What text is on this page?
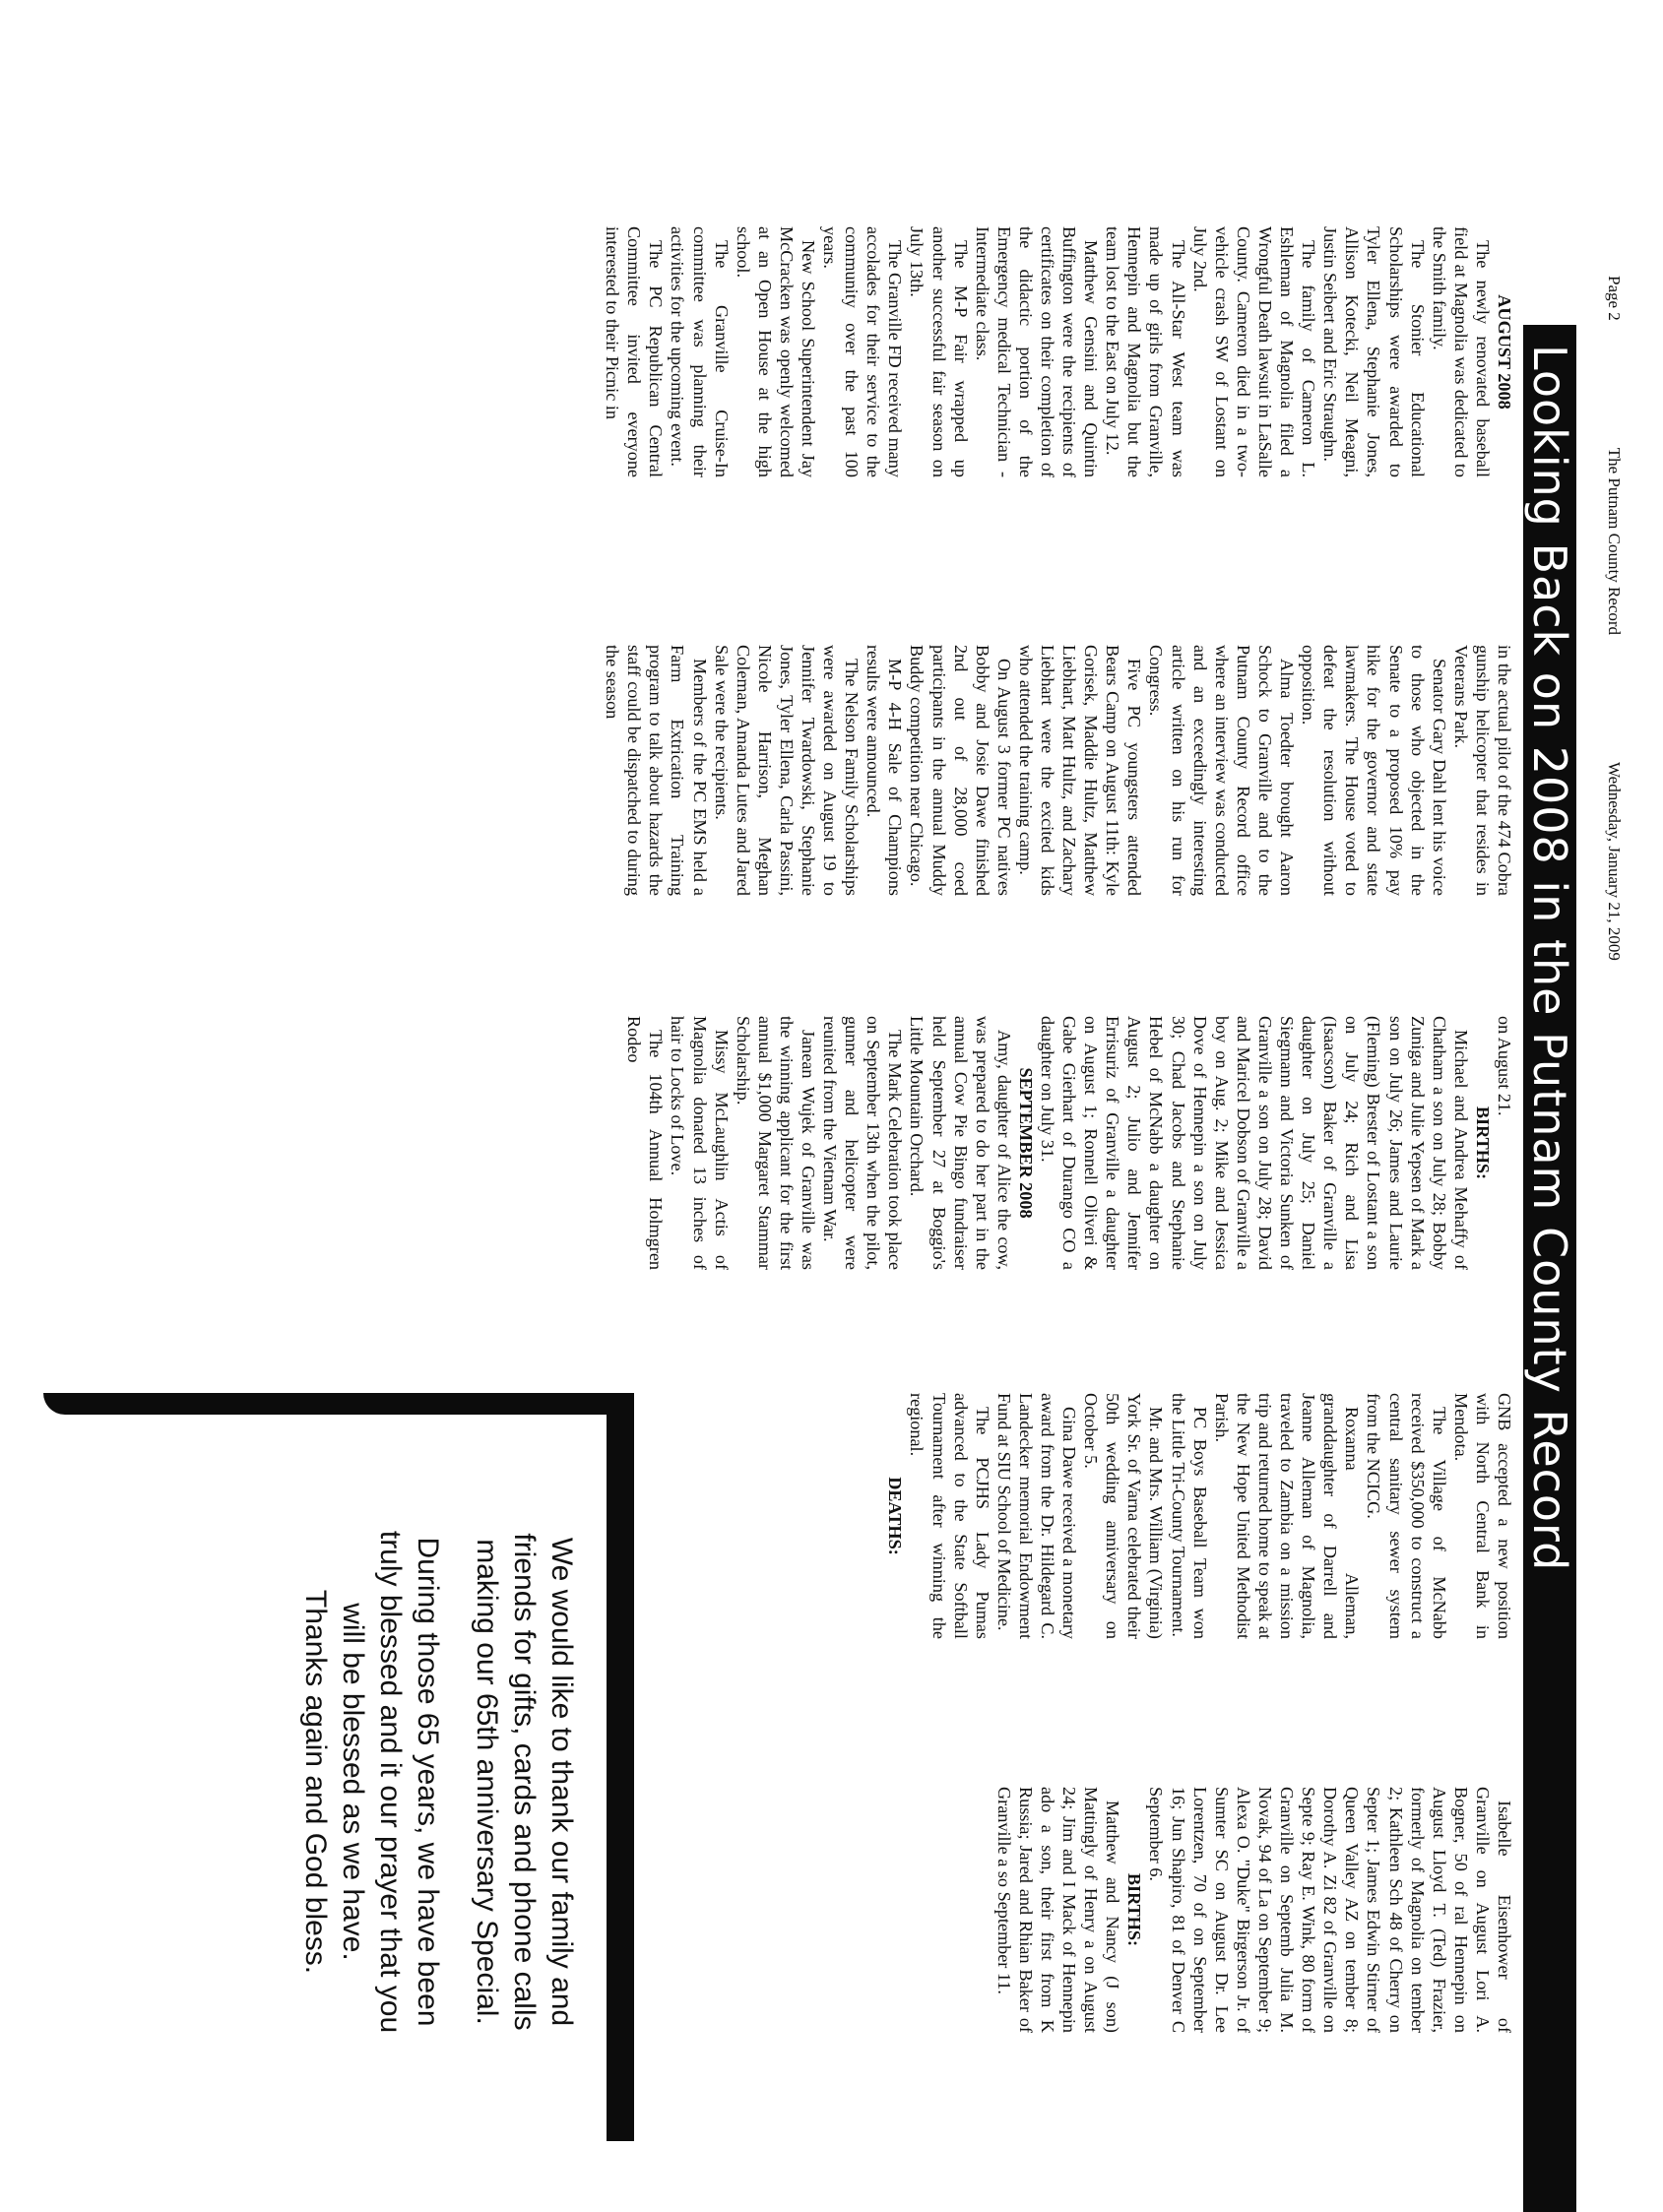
Page 2 The Putnam County Record Wednesday, January 21, 2009
Looking Back on 2008 in the Putnam County Record

AUGUST 2008

The newly renovated baseball field at Magnolia was dedicated to the Smith family.

The Stonier Educational Scholarships were awarded to Tyler Ellena, Stephanie Jones, Allison Kotecki, Neil Meagni, Justin Seibert and Eric Straughn.

The family of Cameron L. Eshleman of Magnolia filed a Wrongful Death lawsuit in LaSalle County. Cameron died in a two-vehicle crash SW of Lostant on July 2nd.

The All-Star West team was made up of girls from Granville, Hennepin and Magnolia but the team lost to the East on July 12.

Matthew Gensini and Quintin Buffington were the recipients of certificates on their completion of the didactic portion of the Emergency medical Technician - Intermediate class.

The M-P Fair wrapped up another successful fair season on July 13th.

The Granville FD received many accolades for their service to the community over the past 100 years.

New School Superintendent Jay McCracken was openly welcomed at an Open House at the high school.

The Granville Cruise-In committee was planning their activities for the upcoming event.

The PC Republican Central Committee invited everyone interested to their Picnic in

in the actual pilot of the 474 Cobra gunship helicopter that resides in Veterans Park.

Senator Gary Dahl lent his voice to those who objected in the Senate to a proposed 10% pay hike for the governor and state lawmakers. The House voted to defeat the resolution without opposition.

Alma Toedter brought Aaron Schock to Granville and to the Putnam County Record office where an interview was conducted and an exceedingly interesting article written on his run for Congress.

Five PC youngsters attended Bears Camp on August 11th: Kyle Gorisek, Maddie Hultz, Matthew Liebhart, Matt Hultz, and Zachary Liebhart were the excited kids who attended the training camp.

On August 3 former PC natives Bobby and Josie Dawe finished 2nd out of 28,000 coed participants in the annual Muddy Buddy competition near Chicago.

M-P 4-H Sale of Champions results were announced.

The Nelson Family Scholarships were awarded on August 19 to Jennifer Twardowski, Stephanie Jones, Tyler Ellena, Carla Passini, Nicole Harrison, Meghan Coleman, Amanda Lutes and Jared Sale were the recipients.

Members of the PC EMS held a Farm Extrication Training program to talk about hazards the staff could be dispatched to during the season

on August 21.

BIRTHS:

Michael and Andrea Mehaffy of Chatham a son on July 28; Bobby Zuniga and Julie Yepsen of Mark a son on July 26; James and Laurie (Fleming) Brester of Lostant a son on July 24; Rich and Lisa (Isaacson) Baker of Granville a daughter on July 25; Daniel Siegmann and Victoria Sunken of Granville a son on July 28; David and Maricel Dobson of Granville a boy on Aug. 2; Mike and Jessica Dove of Hennepin a son on July 30; Chad Jacobs and Stephanie Hebel of McNabb a daughter on August 2; Julio and Jennifer Errisuriz of Granville a daughter on August 1; Ronnell Oliveri & Gabe Gierhart of Durango CO a daughter on July 31.

SEPTEMBER 2008

Amy, daughter of Alice the cow, was prepared to do her part in the annual Cow Pie Bingo fundraiser held September 27 at Boggio's Little Mountain Orchard.

The Mark Celebration took place on September 13th when the pilot, gunner and helicopter were reunited from the Vietnam War.

Janean Wujek of Granville was the winning applicant for the first annual $1,000 Margaret Stammar Scholarship.

Missy McLaughlin Actis of Magnolia donated 13 inches of hair to Locks of Love.

The 104th Annual Holmgren Rodeo

GNB accepted a new position with North Central Bank in Mendota.

The Village of McNabb received $350,000 to construct a central sanitary sewer system from the NCICG.

Roxanna Alleman, granddaughter of Darrell and Jeanne Alleman of Magnolia, traveled to Zambia on a mission trip and returned home to speak at the New Hope United Methodist Parish.

PC Boys Baseball Team won the Little Tri-County Tournament.

Mr. and Mrs. William (Virginia) York Sr. of Varna celebrated their 50th wedding anniversary on October 5.

Gina Dawe received a monetary award from the Dr. Hildegard C. Landecker memorial Endowment Fund at SIU School of Medicine.

The PCJHS Lady Pumas advanced to the State Softball Tournament after winning the regional.

DEATHS:

Isabelle Eisenhower of Granville on August Lori A. Bogner, 50 of ral Hennepin on August Lloyd T. (Ted) Frazier, formerly of Magnolia on tember 2; Kathleen Sch 48 of Cherry on Septer 1; James Edwin Stirner of Queen Valley AZ on tember 8; Dorothy A. Zi 82 of Granville on Septe 9; Ray E. Wink, 80 form of Granville on Septemb Julia M. Novak, 94 of La on September 9; Alexa O. "Duke" Birgerson Jr. of Sumter SC on August Dr. Lee Lorentzen, 70 of on September 16; Jun Shapiro, 81 of Denver C September 6.

BIRTHS:

Matthew and Nancy (J son) Mattingly of Henry a on August 24; Jim and I Mack of Hennepin ado a son, their first from K Russia; Jared and Rhian Baker of Granville a so September 11.

We would like to thank our family and

friends for gifts, cards and phone calls

making our 65th anniversary Special.

During those 65 years, we have been

truly blessed and it our prayer that you

will be blessed as we have.

Thanks again and God bless.
